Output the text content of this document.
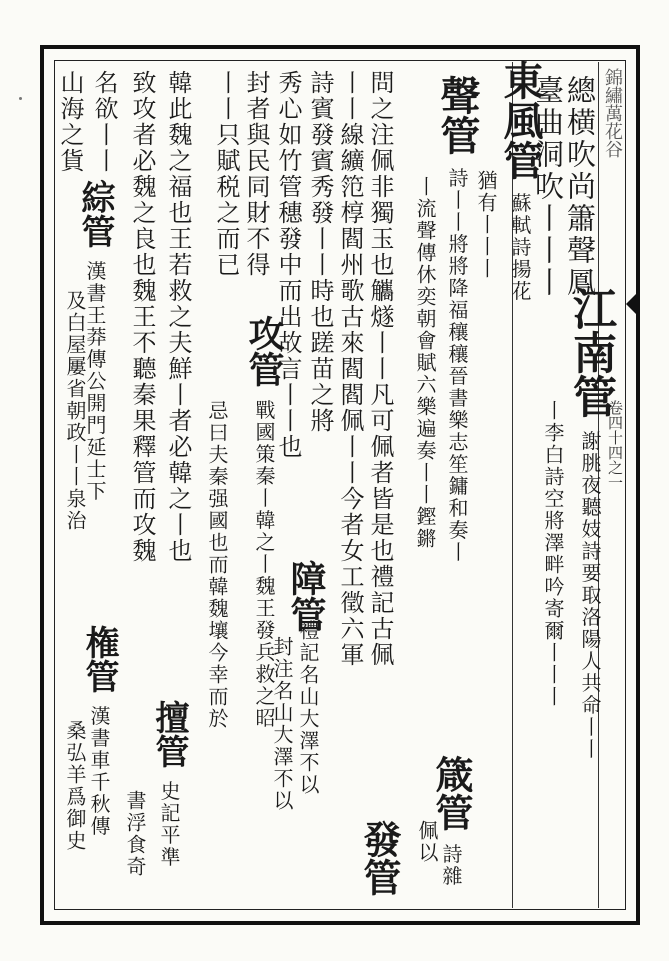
錦繡萬花谷
卷四十四之一
總横吹尚簫聲鳳
臺曲洞吹丨丨丨
江南管 謝朓夜聽妓詩要取洛陽人共命丨丨
丨李白詩空將澤畔吟寄爾丨丨丨
東風管 蘇軾詩揚花
猶有丨丨丨
聲管 詩丨丨將將降福穰穰晉書樂志笙鏞和奏丨
丨流聲傳休奕朝會賦六樂遍奏丨丨鏗鏘
問之注佩非獨玉也觿燧丨丨凡可佩者皆是也禮記古佩
箴管 詩雜
丨丨線纊笵椁閻州歌古來閻閻佩丨丨今者女工徵六軍
佩以
詩賓發賓秀發丨丨時也蹉苗之將
發管
秀心如竹管穗發中而出故言丨丨也
障管
禮記名山大澤不以
封注名山大澤不以
封者與民同財不得
攻管 戰國策秦丨韓之丨魏王發兵救之昭
丨丨只賦税之而已
忌曰夫秦强國也而韓魏壤今幸而於
韓此魏之福也王若救之夫鮮丨者必韓之丨也
擅管 史記平準
致攻者必魏之良也魏王不聽秦果釋管而攻魏
書浮食奇
名欲丨丨
綜管 漢書王莽傳公開門延士下
山海之貨
及白屋屢省朝政丨丨泉治
権管 漢書車千秋傳
桑弘羊爲御史
